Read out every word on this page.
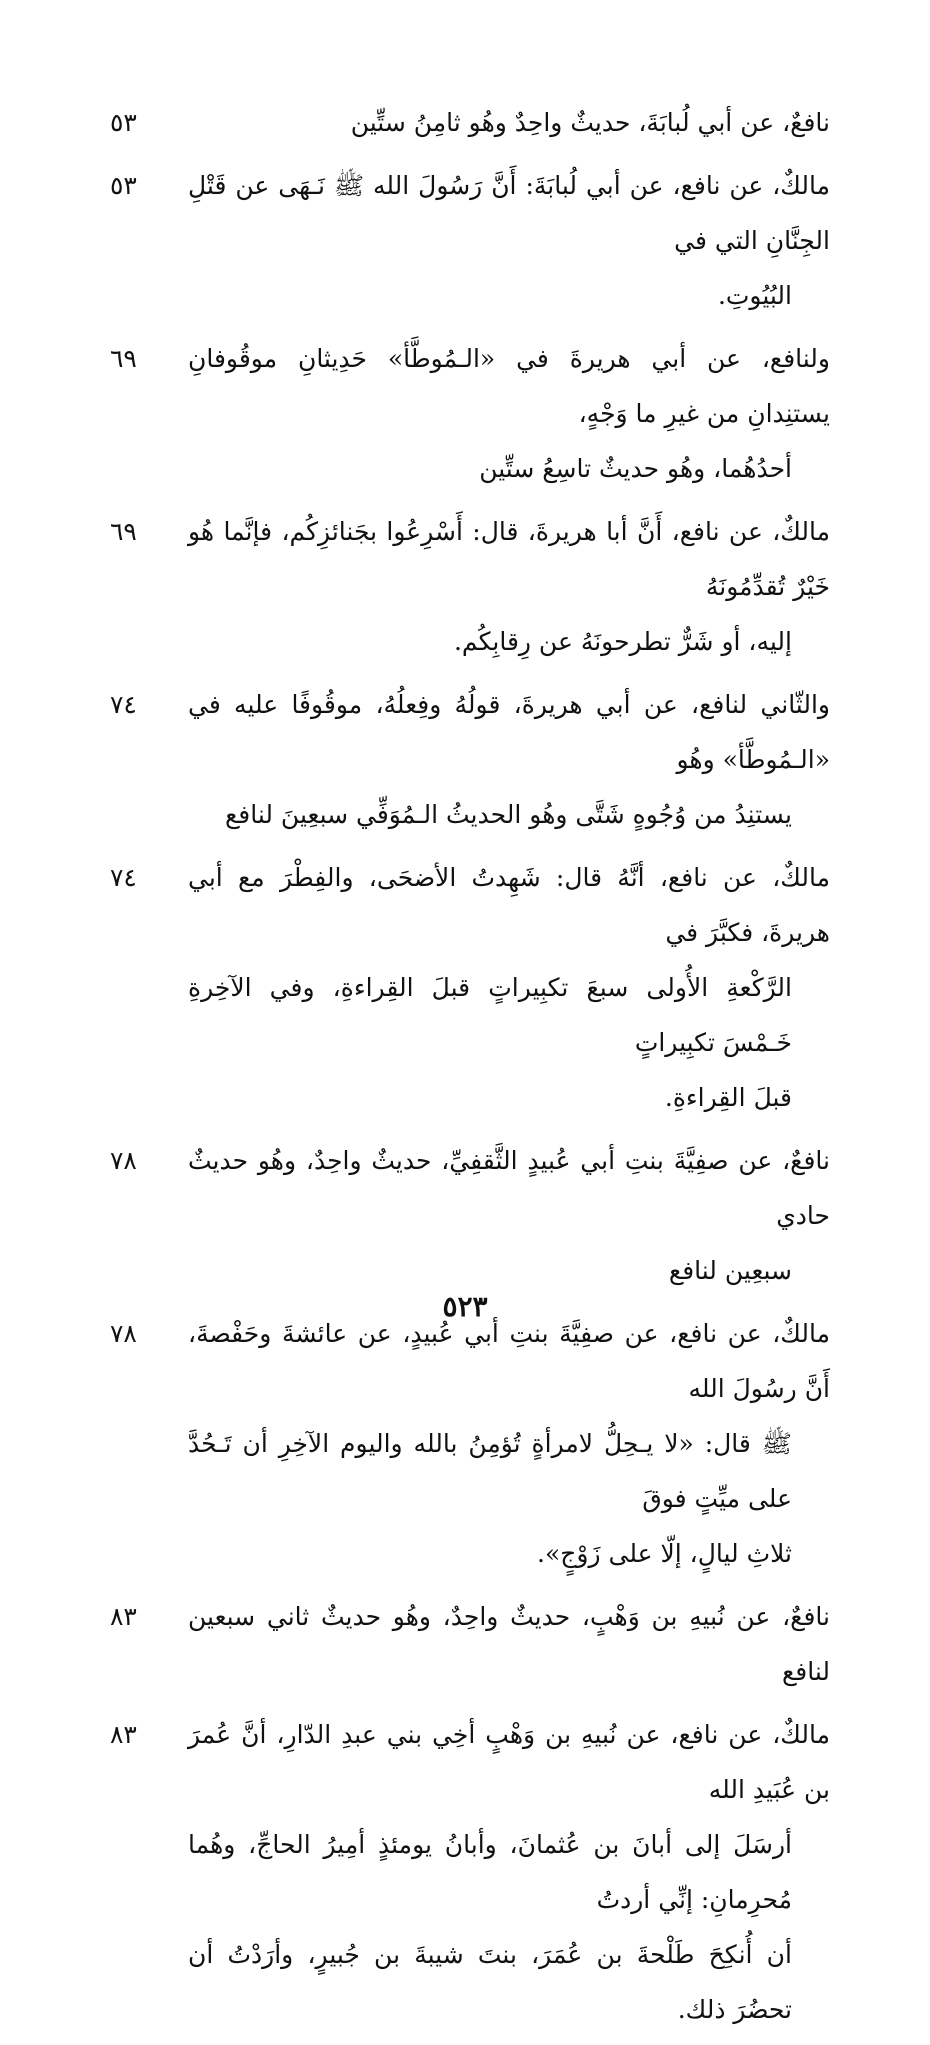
نافعٌ، عن أبي لُبابَةَ، حديثٌ واحِدٌ وهُو ثامِنُ ستِّين
٥٣
مالكٌ، عن نافع، عن أبي لُبابَةَ: أَنَّ رَسُولَ الله ﷺ نَـهَى عن قَتْلِ الجِنَّانِ التي في
البُيُوتِ.
٥٣
ولنافع، عن أبي هريرةَ في «الـمُوطَّأ» حَدِيثانِ موقُوفانِ يستنِدانِ من غيرِ ما وَجْهٍ،
أحدُهُما، وهُو حديثٌ تاسِعُ ستِّين
٦٩
مالكٌ، عن نافع، أَنَّ أبا هريرةَ، قال: أَسْرِعُوا بجَنائزِكُم، فإنَّما هُو خَيْرٌ تُقدِّمُونَهُ
إليه، أو شَرٌّ تطرحونَهُ عن رِقابِكُم.
٦٩
والثّاني لنافع، عن أبي هريرةَ، قولُهُ وفِعلُهُ، موقُوفًا عليه في «الـمُوطَّأ» وهُو
يستنِدُ من وُجُوهٍ شَتَّى وهُو الحديثُ الـمُوَفِّي سبعِينَ لنافع
٧٤
مالكٌ، عن نافع، أنَّهُ قال: شَهِدتُ الأضحَى، والفِطْرَ مع أبي هريرةَ، فكبَّرَ في
الرَّكْعةِ الأُولى سبعَ تكبِيراتٍ قبلَ القِراءةِ، وفي الآخِرةِ خَـمْسَ تكبِيراتٍ
قبلَ القِراءةِ.
٧٤
نافعٌ، عن صفِيَّةَ بنتِ أبي عُبيدٍ الثَّقفِيِّ، حديثٌ واحِدٌ، وهُو حديثٌ حادي
سبعِين لنافع
٧٨
مالكٌ، عن نافع، عن صفِيَّةَ بنتِ أبي عُبيدٍ، عن عائشةَ وحَفْصةَ، أَنَّ رسُولَ الله
ﷺ قال: «لا يـحِلُّ لامرأةٍ تُؤمِنُ بالله واليوم الآخِرِ أن تَـحُدَّ على ميِّتٍ فوقَ
ثلاثِ ليالٍ، إلّا على زَوْجٍ».
٧٨
نافعٌ، عن نُبيهِ بن وَهْبٍ، حديثٌ واحِدٌ، وهُو حديثٌ ثاني سبعين لنافع
٨٣
مالكٌ، عن نافع، عن نُبيهِ بن وَهْبٍ أخِي بني عبدِ الدّارِ، أنَّ عُمرَ بن عُبَيدِ الله
أرسَلَ إلى أبانَ بن عُثمانَ، وأبانُ يومئذٍ أمِيرُ الحاجِّ، وهُما مُحرِمانِ: إنِّي أردتُ
أن أُنكِحَ طَلْحةَ بن عُمَرَ، بنتَ شيبةَ بن جُبيرٍ، وأرَدْتُ أن تحضُرَ ذلك.
٨٣
٥٢٣
